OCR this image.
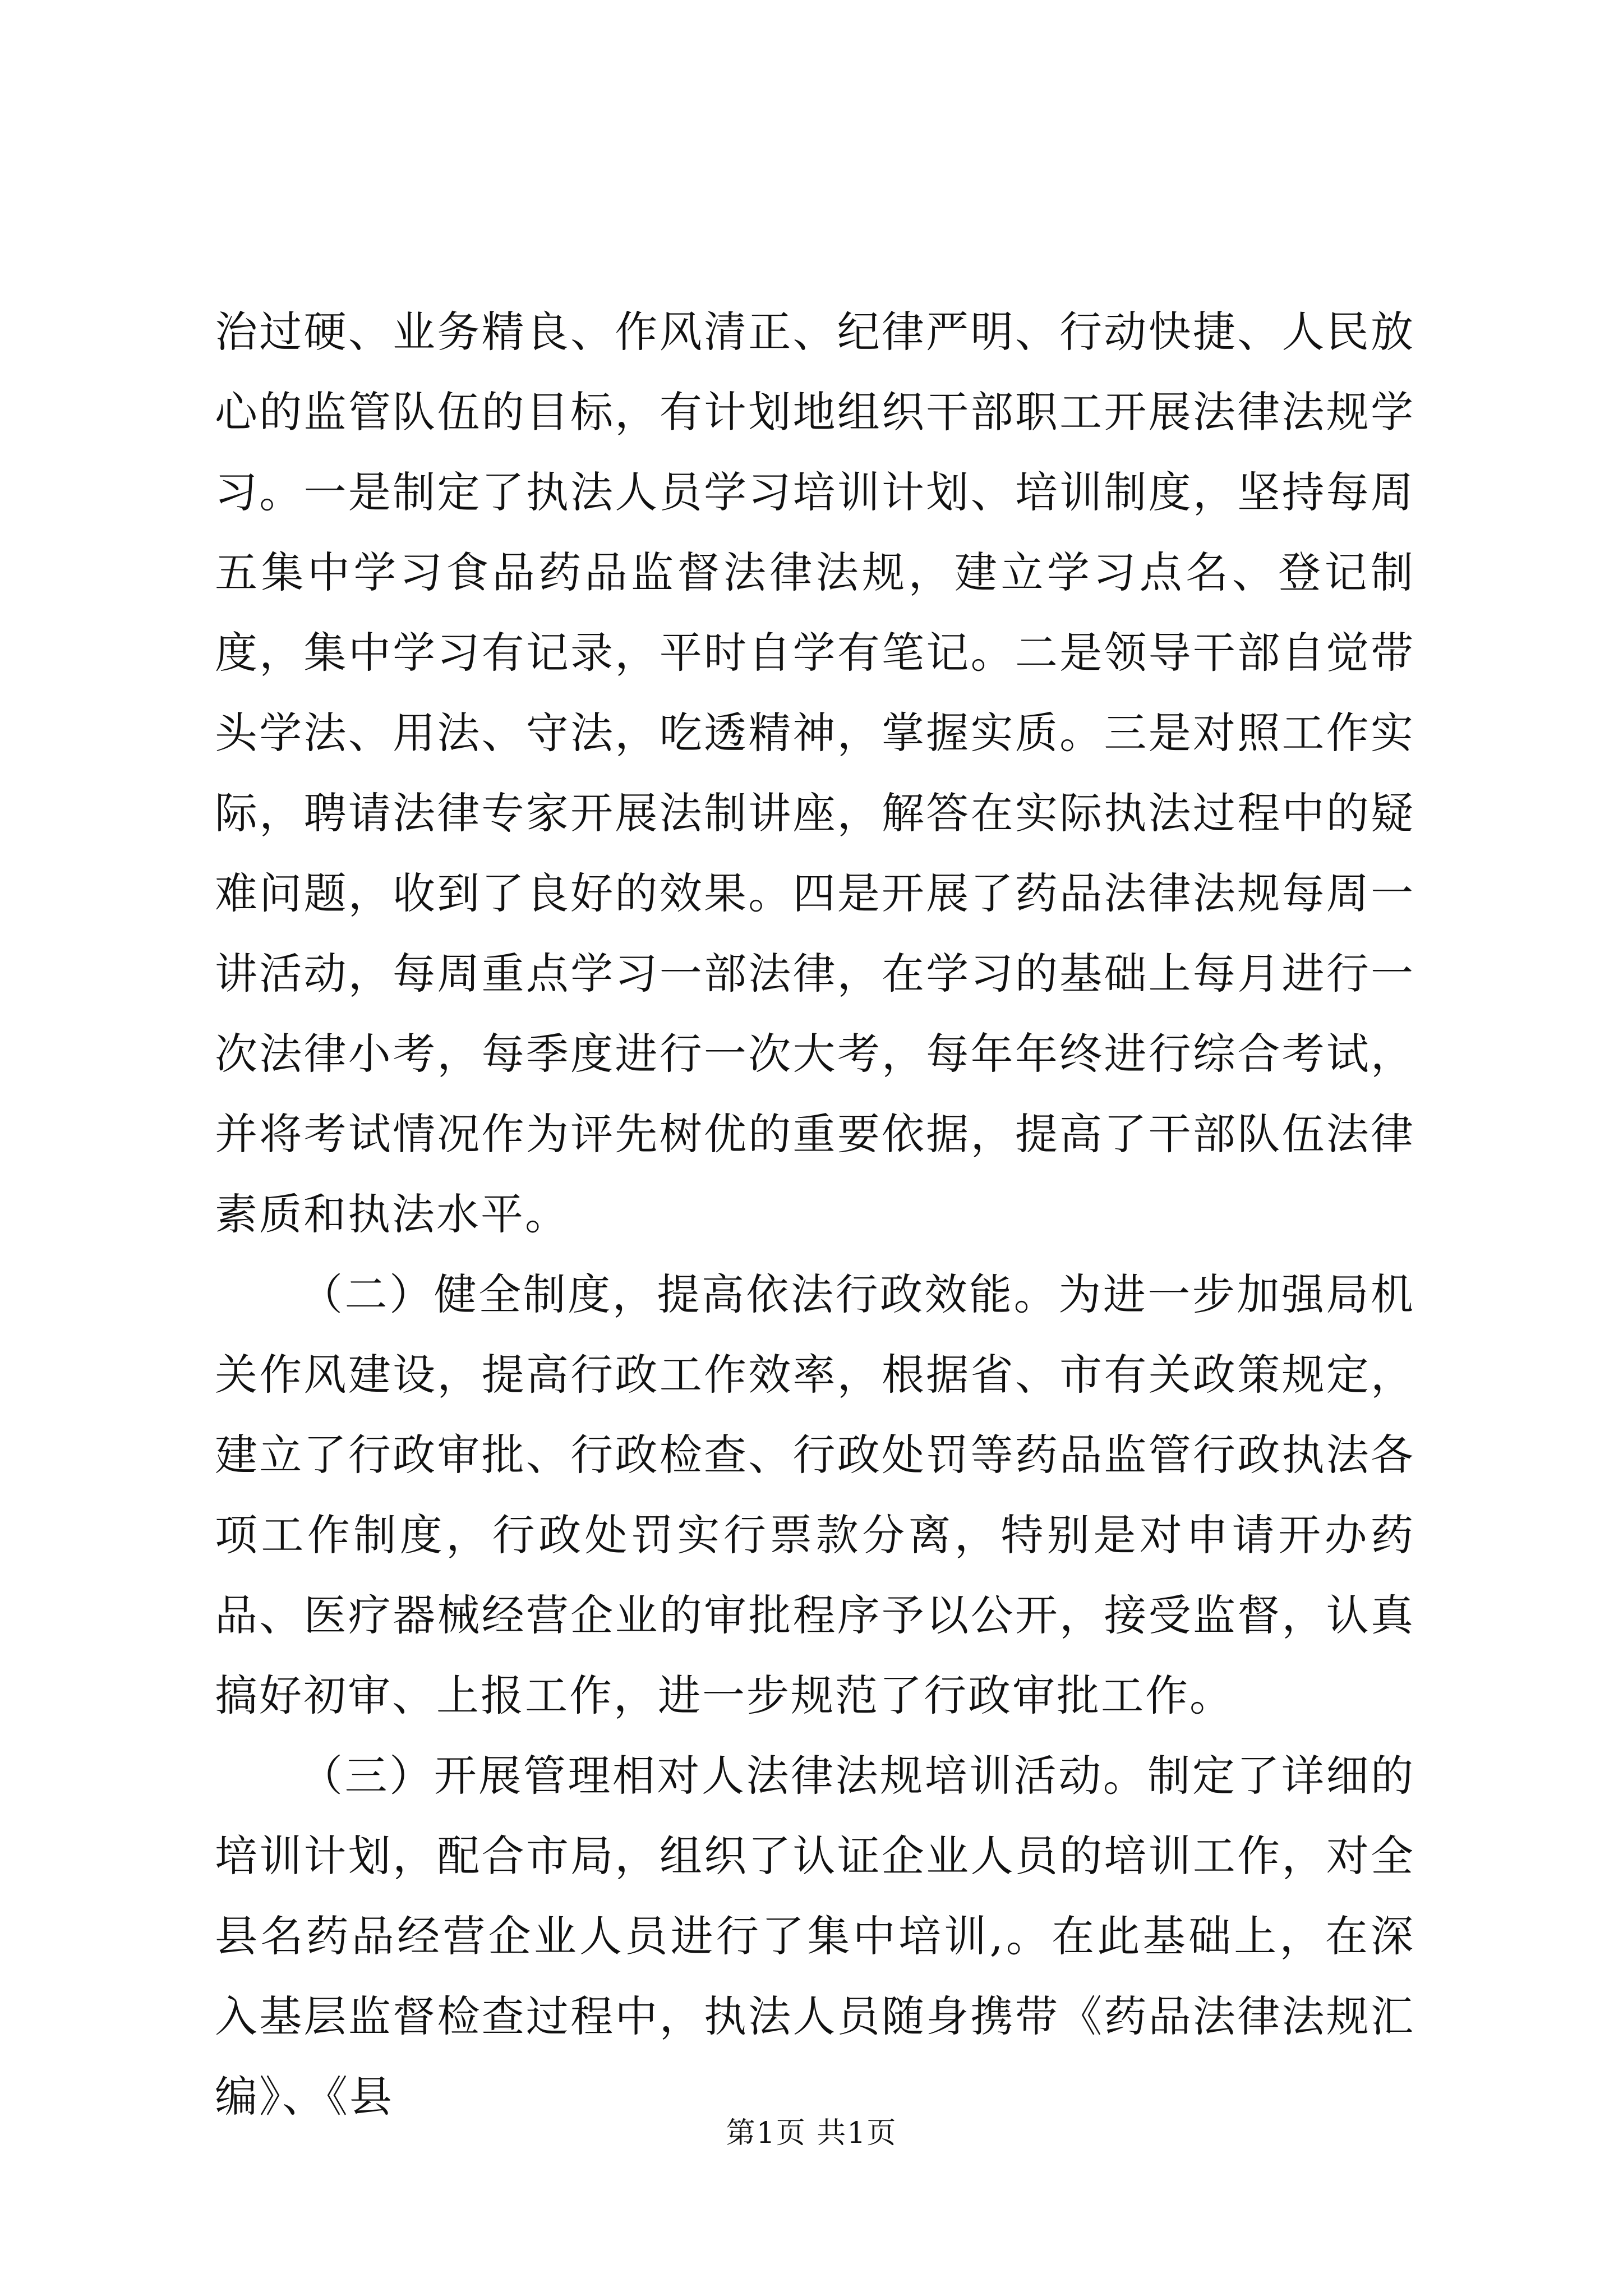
治过硬、业务精良、作风清正、纪律严明、行动快捷、人民放心的监管队伍的目标，有计划地组织干部职工开展法律法规学习。一是制定了执法人员学习培训计划、培训制度，坚持每周五集中学习食品药品监督法律法规，建立学习点名、登记制度，集中学习有记录，平时自学有笔记。二是领导干部自觉带头学法、用法、守法，吃透精神，掌握实质。三是对照工作实际，聘请法律专家开展法制讲座，解答在实际执法过程中的疑难问题，收到了良好的效果。四是开展了药品法律法规每周一讲活动，每周重点学习一部法律，在学习的基础上每月进行一次法律小考，每季度进行一次大考，每年年终进行综合考试，并将考试情况作为评先树优的重要依据，提高了干部队伍法律素质和执法水平。

（二）健全制度，提高依法行政效能。为进一步加强局机关作风建设，提高行政工作效率，根据省、市有关政策规定，建立了行政审批、行政检查、行政处罚等药品监管行政执法各项工作制度，行政处罚实行票款分离，特别是对申请开办药品、医疗器械经营企业的审批程序予以公开，接受监督，认真搞好初审、上报工作，进一步规范了行政审批工作。

（三）开展管理相对人法律法规培训活动。制定了详细的培训计划，配合市局，组织了认证企业人员的培训工作，对全县名药品经营企业人员进行了集中培训,。在此基础上，在深入基层监督检查过程中，执法人员随身携带《药品法律法规汇编》、《县

第1页 共1页
